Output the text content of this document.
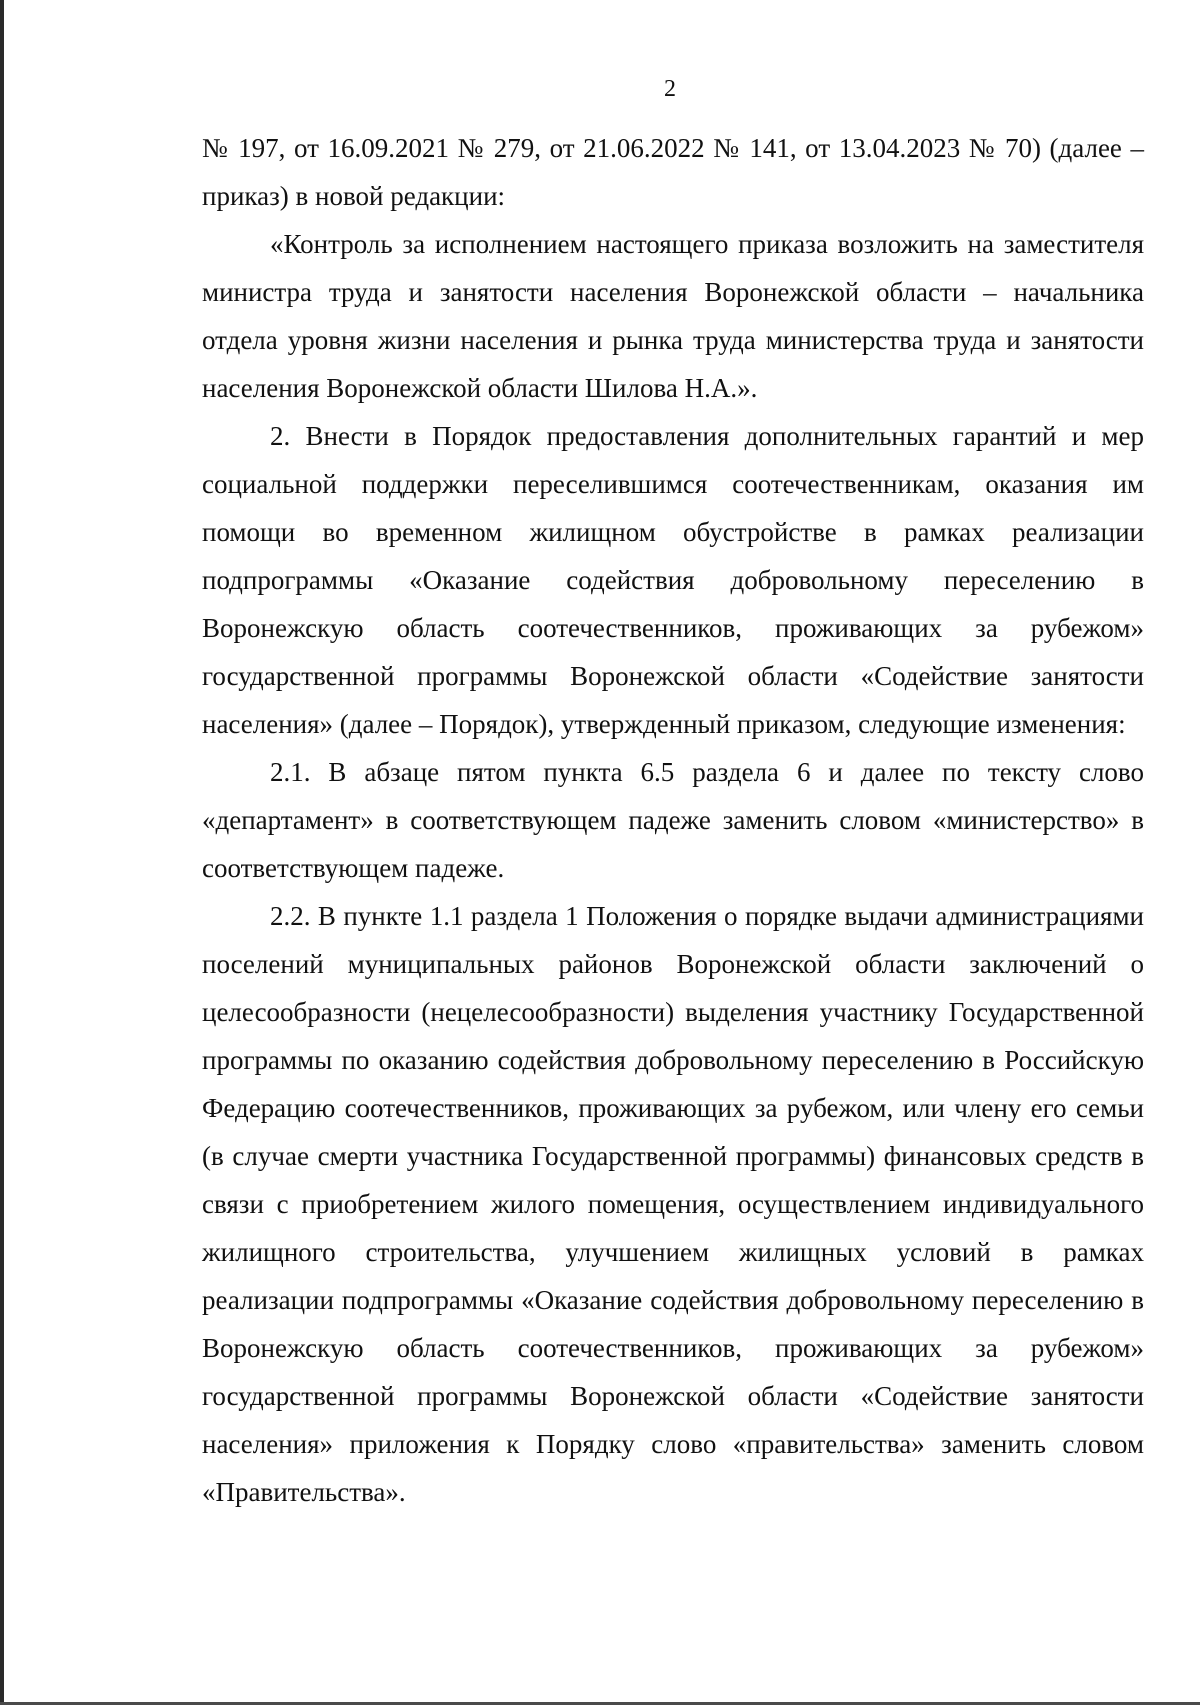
2

№ 197, от 16.09.2021 № 279, от 21.06.2022 № 141, от 13.04.2023 № 70) (далее – приказ) в новой редакции:

«Контроль за исполнением настоящего приказа возложить на заместителя министра труда и занятости населения Воронежской области – начальника отдела уровня жизни населения и рынка труда министерства труда и занятости населения Воронежской области Шилова Н.А.».

2. Внести в Порядок предоставления дополнительных гарантий и мер социальной поддержки переселившимся соотечественникам, оказания им помощи во временном жилищном обустройстве в рамках реализации подпрограммы «Оказание содействия добровольному переселению в Воронежскую область соотечественников, проживающих за рубежом» государственной программы Воронежской области «Содействие занятости населения» (далее – Порядок), утвержденный приказом, следующие изменения:

2.1. В абзаце пятом пункта 6.5 раздела 6 и далее по тексту слово «департамент» в соответствующем падеже заменить словом «министерство» в соответствующем падеже.

2.2. В пункте 1.1 раздела 1 Положения о порядке выдачи администрациями поселений муниципальных районов Воронежской области заключений о целесообразности (нецелесообразности) выделения участнику Государственной программы по оказанию содействия добровольному переселению в Российскую Федерацию соотечественников, проживающих за рубежом, или члену его семьи (в случае смерти участника Государственной программы) финансовых средств в связи с приобретением жилого помещения, осуществлением индивидуального жилищного строительства, улучшением жилищных условий в рамках реализации подпрограммы «Оказание содействия добровольному переселению в Воронежскую область соотечественников, проживающих за рубежом» государственной программы Воронежской области «Содействие занятости населения» приложения к Порядку слово «правительства» заменить словом «Правительства».
